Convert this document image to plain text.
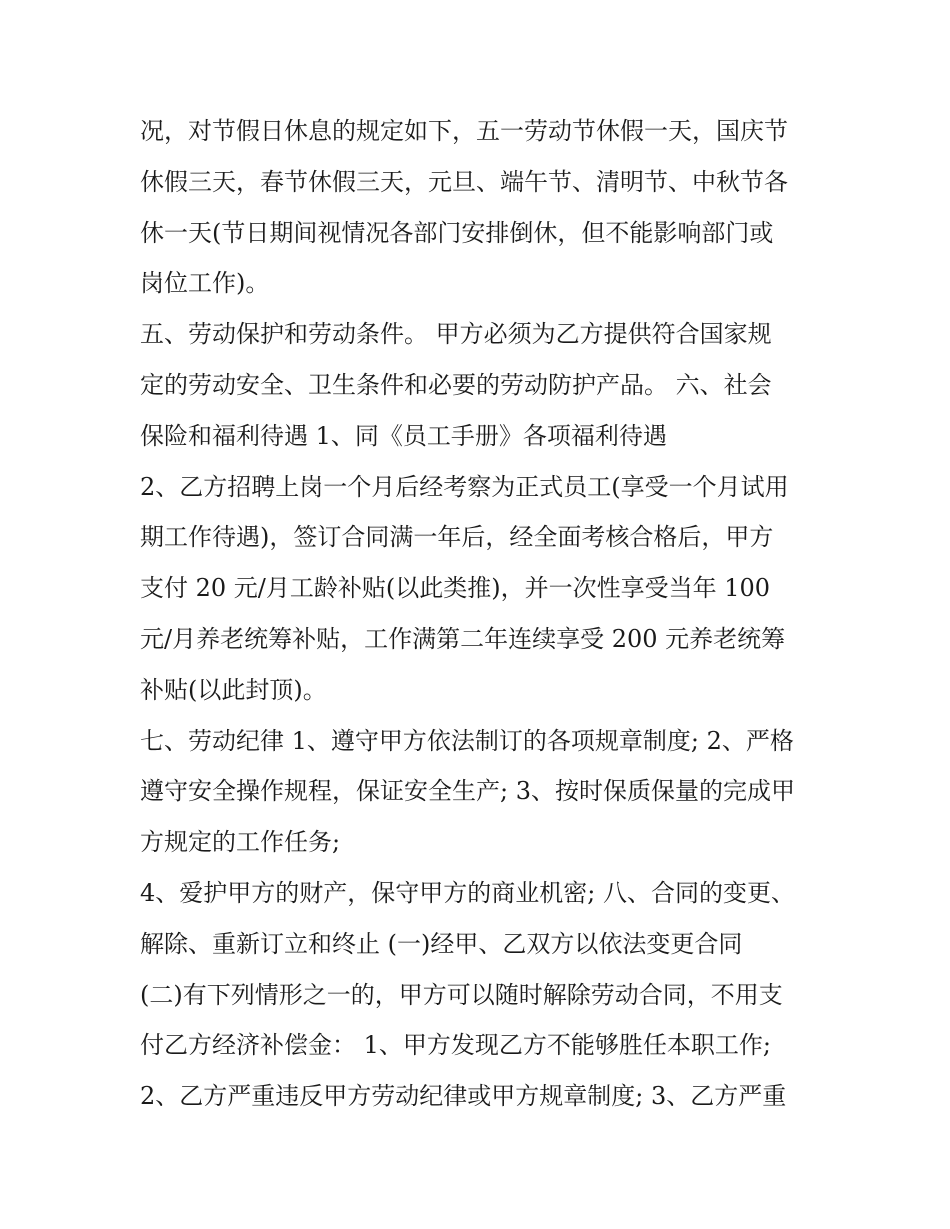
况，对节假日休息的规定如下，五一劳动节休假一天，国庆节
休假三天，春节休假三天，元旦、端午节、清明节、中秋节各
休一天(节日期间视情况各部门安排倒休，但不能影响部门或
岗位工作)。
五、劳动保护和劳动条件。 甲方必须为乙方提供符合国家规
定的劳动安全、卫生条件和必要的劳动防护产品。 六、社会
保险和福利待遇 1、同《员工手册》各项福利待遇
2、乙方招聘上岗一个月后经考察为正式员工(享受一个月试用
期工作待遇)，签订合同满一年后，经全面考核合格后，甲方
支付 20 元/月工龄补贴(以此类推)，并一次性享受当年 100
元/月养老统筹补贴，工作满第二年连续享受 200 元养老统筹
补贴(以此封顶)。
七、劳动纪律 1、遵守甲方依法制订的各项规章制度; 2、严格
遵守安全操作规程，保证安全生产; 3、按时保质保量的完成甲
方规定的工作任务;
4、爱护甲方的财产，保守甲方的商业机密; 八、合同的变更、
解除、重新订立和终止 (一)经甲、乙双方以依法变更合同
(二)有下列情形之一的，甲方可以随时解除劳动合同，不用支
付乙方经济补偿金： 1、甲方发现乙方不能够胜任本职工作;
2、乙方严重违反甲方劳动纪律或甲方规章制度; 3、乙方严重
